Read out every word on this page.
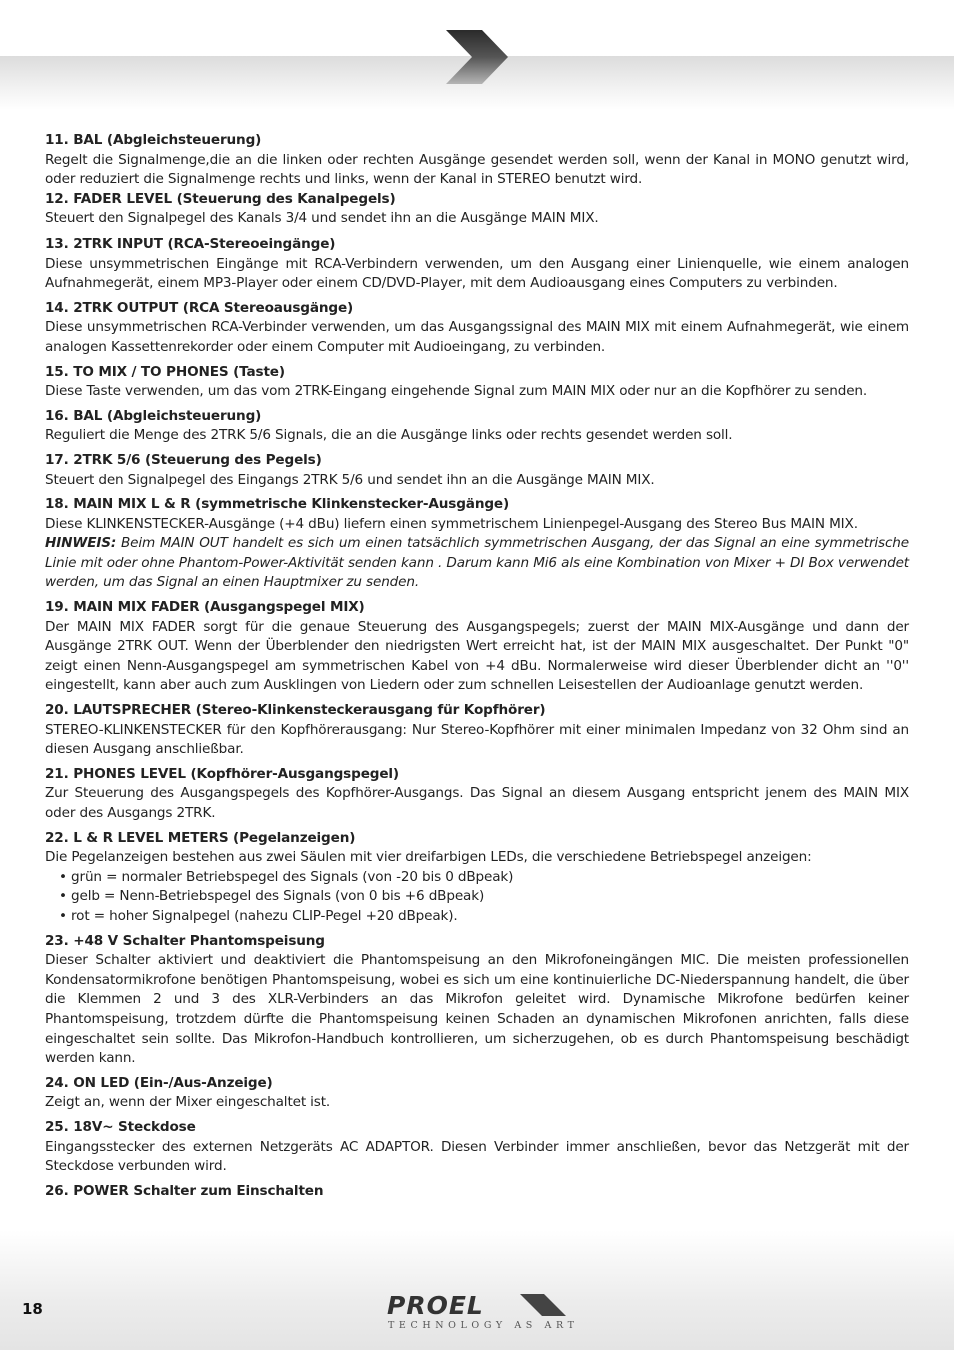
11. BAL (Abgleichsteuerung)

Regelt die Signalmenge,die an die linken oder rechten Ausgänge gesendet werden soll, wenn der Kanal in MONO genutzt wird, oder reduziert die Signalmenge rechts und links, wenn der Kanal in STEREO benutzt wird.

12. FADER LEVEL (Steuerung des Kanalpegels)

Steuert den Signalpegel des Kanals 3/4 und sendet ihn an die Ausgänge MAIN MIX.

13. 2TRK INPUT (RCA-Stereoeingänge)

Diese unsymmetrischen Eingänge mit RCA-Verbindern verwenden, um den Ausgang einer Linienquelle, wie einem analogen Aufnahmegerät, einem MP3-Player oder einem CD/DVD-Player, mit dem Audioausgang eines Computers zu verbinden.

14. 2TRK OUTPUT (RCA Stereoausgänge)

Diese unsymmetrischen RCA-Verbinder verwenden, um das Ausgangssignal des MAIN MIX mit einem Aufnahmegerät, wie einem analogen Kassettenrekorder oder einem Computer mit Audioeingang, zu verbinden.

15. TO MIX / TO PHONES (Taste)

Diese Taste verwenden, um das vom 2TRK-Eingang eingehende Signal zum MAIN MIX oder nur an die Kopfhörer zu senden.

16. BAL (Abgleichsteuerung)

Reguliert die Menge des 2TRK 5/6 Signals, die an die Ausgänge links oder rechts gesendet werden soll.

17. 2TRK 5/6 (Steuerung des Pegels)

Steuert den Signalpegel des Eingangs 2TRK 5/6 und sendet ihn an die Ausgänge MAIN MIX.

18. MAIN MIX L & R (symmetrische Klinkenstecker-Ausgänge)

Diese KLINKENSTECKER-Ausgänge (+4 dBu) liefern einen symmetrischem Linienpegel-Ausgang des Stereo Bus MAIN MIX.

HINWEIS: Beim MAIN OUT handelt es sich um einen tatsächlich symmetrischen Ausgang, der das Signal an eine symmetrische Linie mit oder ohne Phantom-Power-Aktivität senden kann . Darum kann Mi6 als eine Kombination von Mixer + DI Box verwendet werden, um das Signal an einen Hauptmixer zu senden.

19. MAIN MIX FADER (Ausgangspegel MIX)

Der MAIN MIX FADER sorgt für die genaue Steuerung des Ausgangspegels; zuerst der MAIN MIX-Ausgänge und dann der Ausgänge 2TRK OUT. Wenn der Überblender den niedrigsten Wert erreicht hat, ist der MAIN MIX ausgeschaltet. Der Punkt "0" zeigt einen Nenn-Ausgangspegel am symmetrischen Kabel von +4 dBu. Normalerweise wird dieser Überblender dicht an ''0'' eingestellt, kann aber auch zum Ausklingen von Liedern oder zum schnellen Leisestellen der Audioanlage genutzt werden.

20. LAUTSPRECHER (Stereo-Klinkensteckerausgang für Kopfhörer)

STEREO-KLINKENSTECKER für den Kopfhörerausgang: Nur Stereo-Kopfhörer mit einer minimalen Impedanz von 32 Ohm sind an diesen Ausgang anschließbar.

21. PHONES LEVEL (Kopfhörer-Ausgangspegel)

Zur Steuerung des Ausgangspegels des Kopfhörer-Ausgangs. Das Signal an diesem Ausgang entspricht jenem des MAIN MIX oder des Ausgangs 2TRK.

22. L & R LEVEL METERS (Pegelanzeigen)

Die Pegelanzeigen bestehen aus zwei Säulen mit vier dreifarbigen LEDs, die verschiedene Betriebspegel anzeigen:

• grün = normaler Betriebspegel des Signals (von -20 bis 0 dBpeak)
• gelb = Nenn-Betriebspegel des Signals (von 0 bis +6 dBpeak)
• rot = hoher Signalpegel (nahezu CLIP-Pegel +20 dBpeak).
23. +48 V Schalter Phantomspeisung

Dieser Schalter aktiviert und deaktiviert die Phantomspeisung an den Mikrofoneingängen MIC. Die meisten professionellen Kondensatormikrofone benötigen Phantomspeisung, wobei es sich um eine kontinuierliche DC-Niederspannung handelt, die über die Klemmen 2 und 3 des XLR-Verbinders an das Mikrofon geleitet wird. Dynamische Mikrofone bedürfen keiner Phantomspeisung, trotzdem dürfte die Phantomspeisung keinen Schaden an dynamischen Mikrofonen anrichten, falls diese eingeschaltet sein sollte. Das Mikrofon-Handbuch kontrollieren, um sicherzugehen, ob es durch Phantomspeisung beschädigt werden kann.

24. ON LED (Ein-/Aus-Anzeige)

Zeigt an, wenn der Mixer eingeschaltet ist.

25. 18V~ Steckdose

Eingangsstecker des externen Netzgeräts AC ADAPTOR. Diesen Verbinder immer anschließen, bevor das Netzgerät mit der Steckdose verbunden wird.

26. POWER Schalter zum Einschalten
18	PROEL
TECHNOLOGY AS ART
